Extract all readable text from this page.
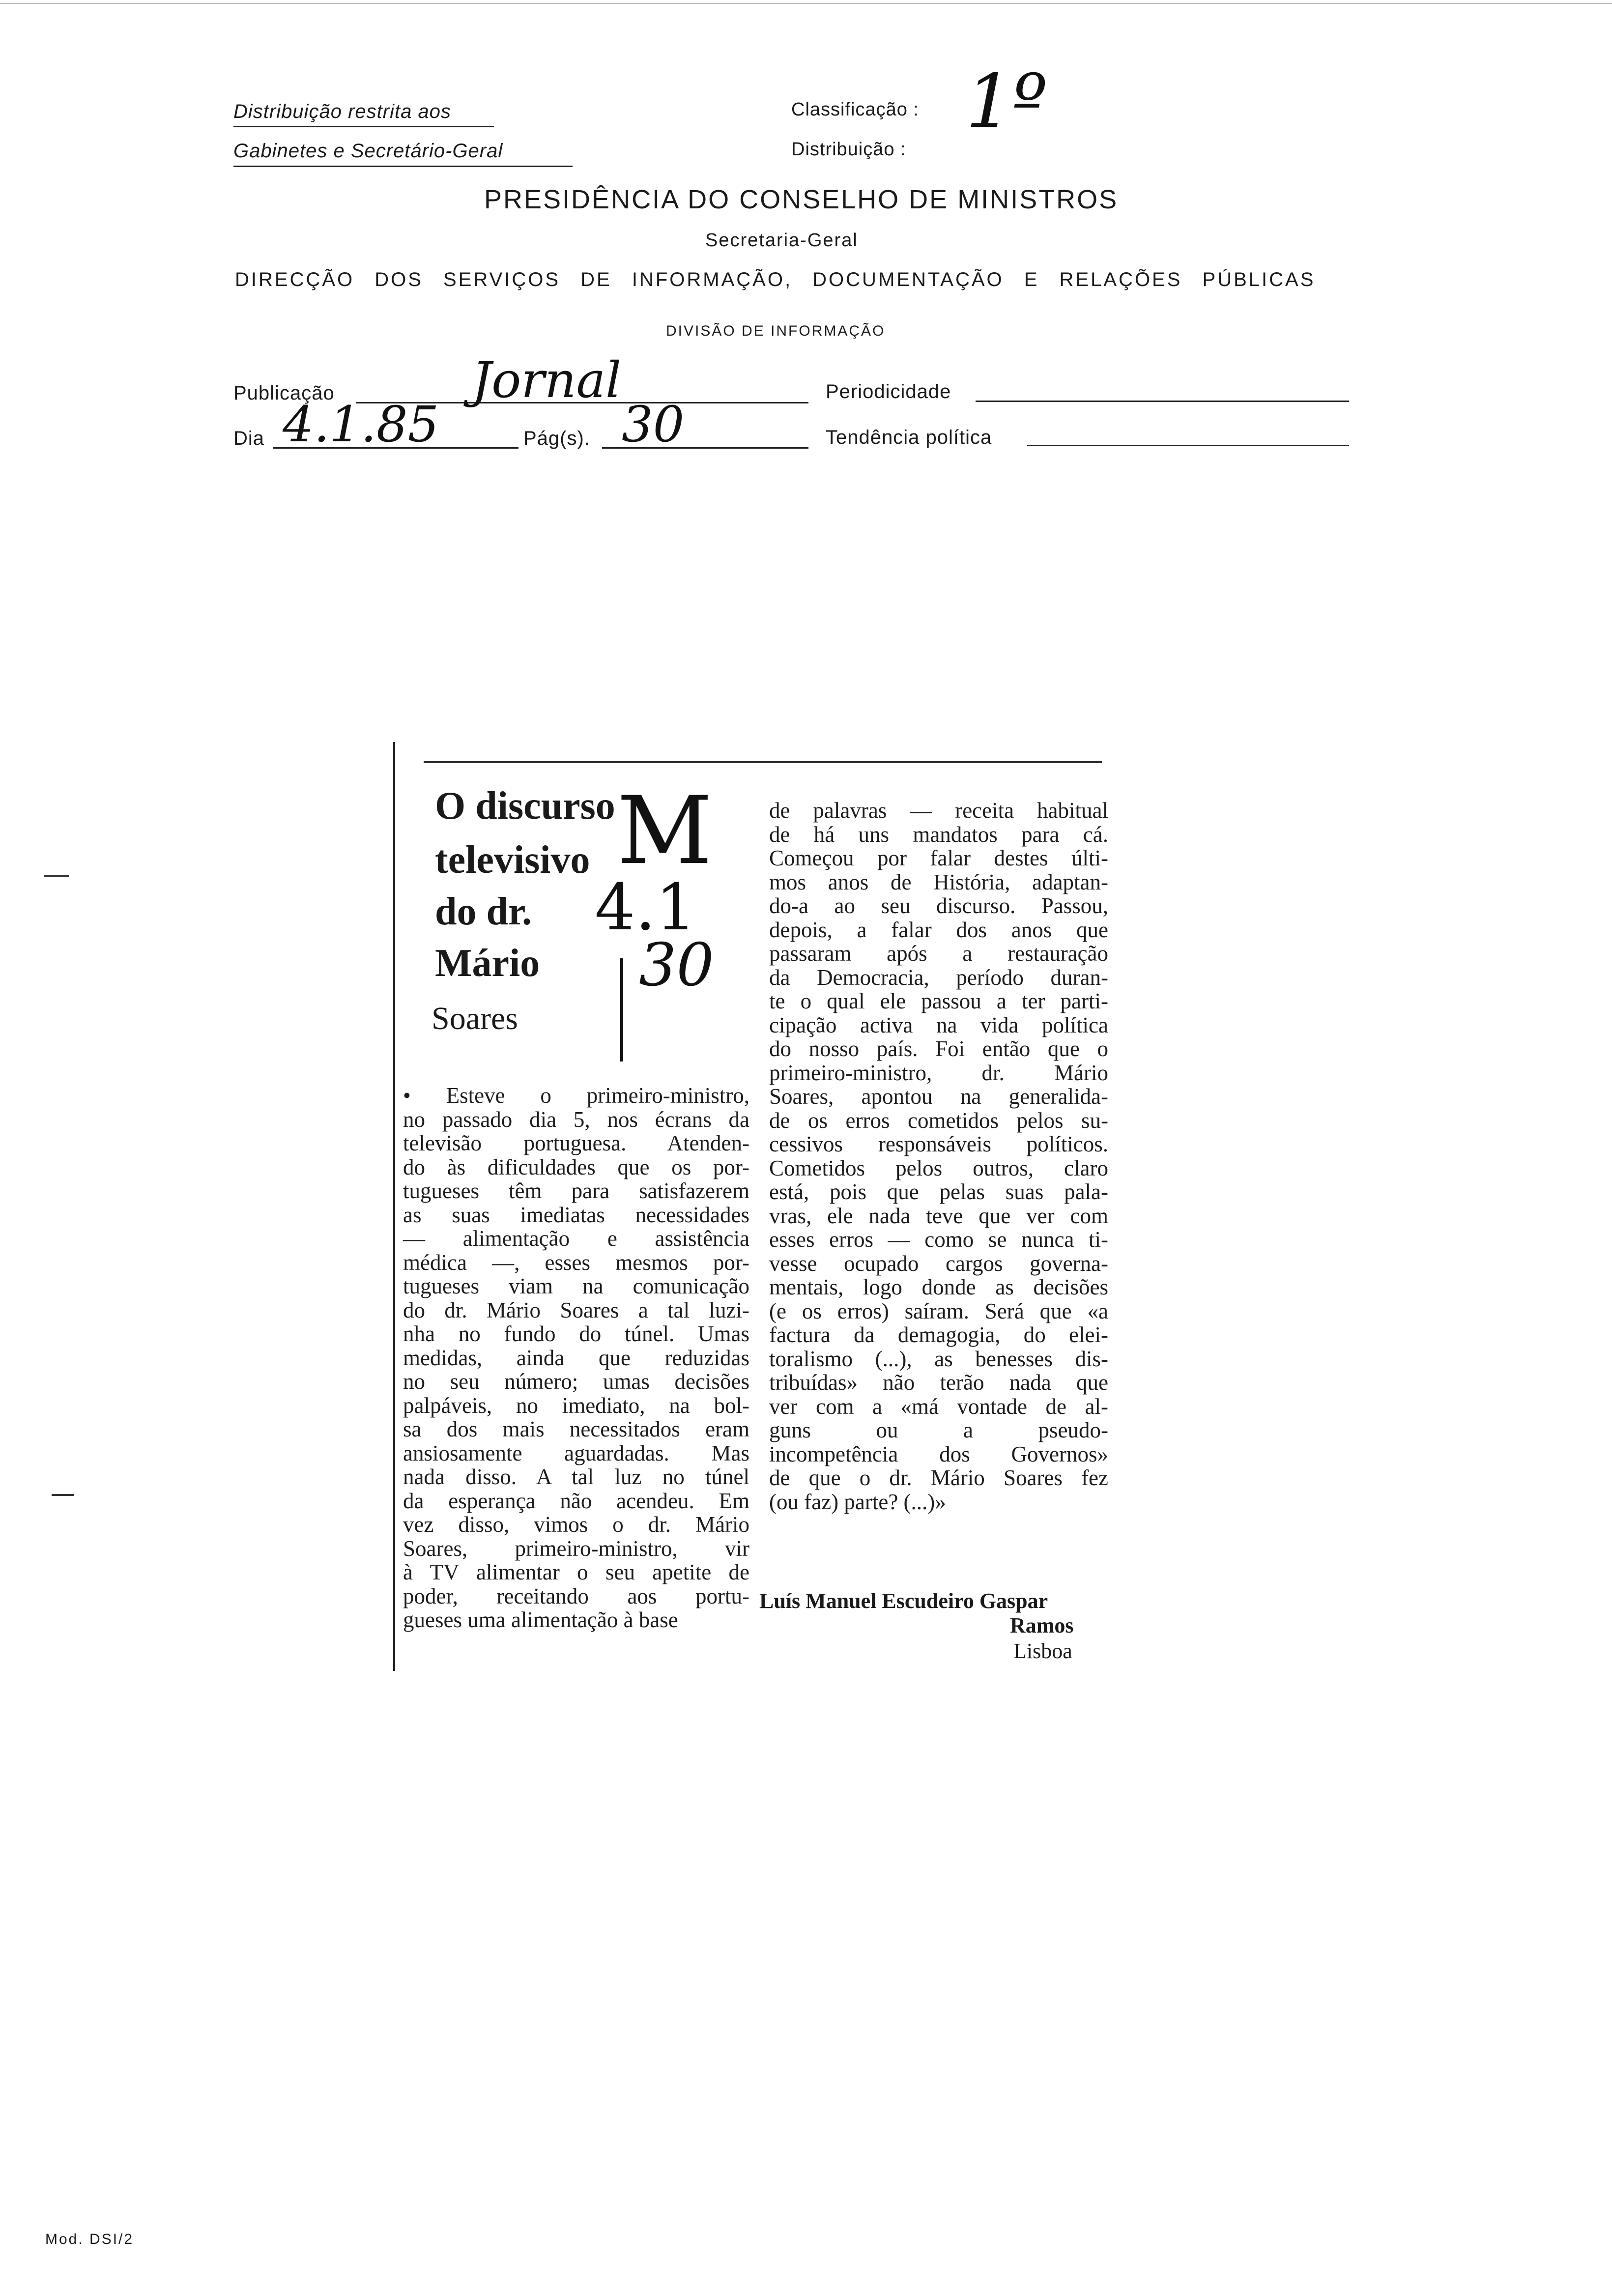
Distribuição restrita aos
Gabinetes e Secretário-Geral
Classificação :
Distribuição :
1º
PRESIDÊNCIA DO CONSELHO DE MINISTROS
Secretaria-Geral
DIRECÇÃO DOS SERVIÇOS DE INFORMAÇÃO, DOCUMENTAÇÃO E RELAÇÕES PÚBLICAS
DIVISÃO DE INFORMAÇÃO
Publicação	Jornal	Periodicidade
Dia 4.1.85	Pág(s). 30	Tendência política
O discurso
televisivo
do dr.
Mário
Soares
M
4.1
30
• Esteve o primeiro-ministro,
no passado dia 5, nos écrans da
televisão portuguesa. Atenden-
do às dificuldades que os por-
tugueses têm para satisfazerem
as suas imediatas necessidades
— alimentação e assistência
médica —, esses mesmos por-
tugueses viam na comunicação
do dr. Mário Soares a tal luzi-
nha no fundo do túnel. Umas
medidas, ainda que reduzidas
no seu número; umas decisões
palpáveis, no imediato, na bol-
sa dos mais necessitados eram
ansiosamente aguardadas. Mas
nada disso. A tal luz no túnel
da esperança não acendeu. Em
vez disso, vimos o dr. Mário
Soares, primeiro-ministro, vir
à TV alimentar o seu apetite de
poder, receitando aos portu-
gueses uma alimentação à base
de palavras — receita habitual
de há uns mandatos para cá.
Começou por falar destes últi-
mos anos de História, adaptan-
do-a ao seu discurso. Passou,
depois, a falar dos anos que
passaram após a restauração
da Democracia, período duran-
te o qual ele passou a ter parti-
cipação activa na vida política
do nosso país. Foi então que o
primeiro-ministro, dr. Mário
Soares, apontou na generalida-
de os erros cometidos pelos su-
cessivos responsáveis políticos.
Cometidos pelos outros, claro
está, pois que pelas suas pala-
vras, ele nada teve que ver com
esses erros — como se nunca ti-
vesse ocupado cargos governa-
mentais, logo donde as decisões
(e os erros) saíram. Será que «a
factura da demagogia, do elei-
toralismo (...), as benesses dis-
tribuídas» não terão nada que
ver com a «má vontade de al-
guns ou a pseudo-
incompetência dos Governos»
de que o dr. Mário Soares fez
(ou faz) parte? (...)»
Luís Manuel Escudeiro Gaspar
Ramos
Lisboa
Mod. DSI/2
